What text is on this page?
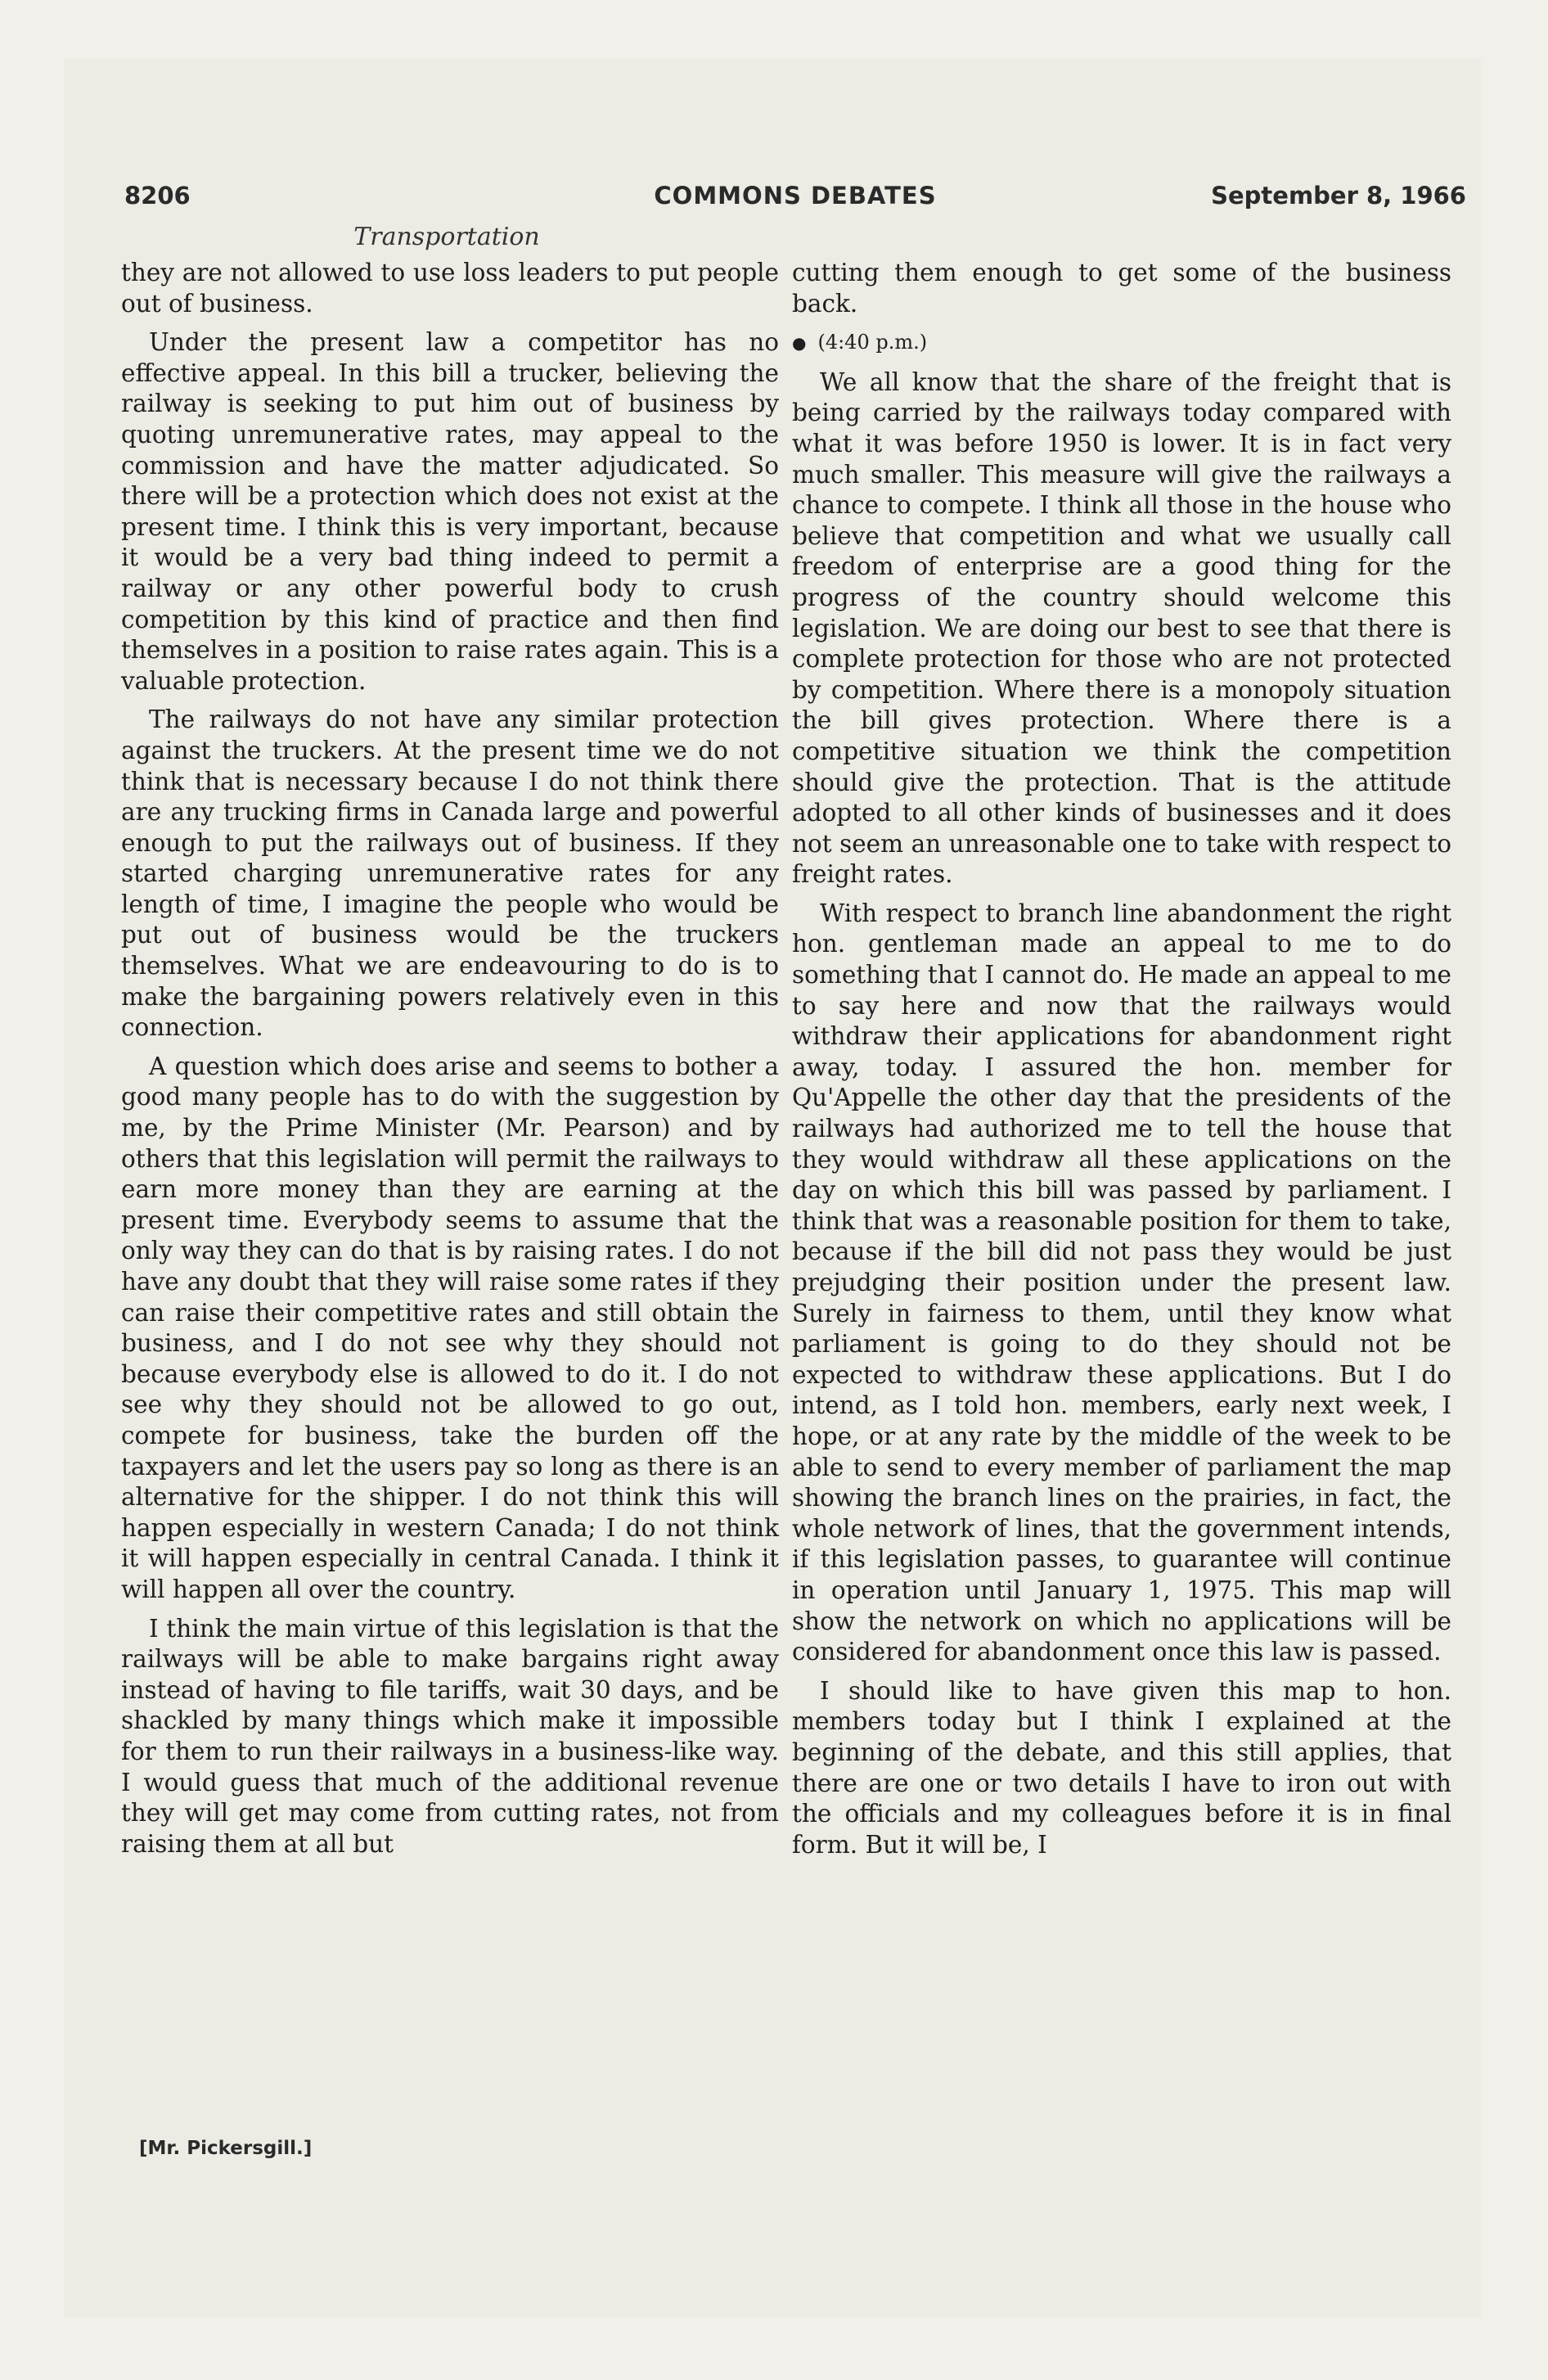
8206	COMMONS DEBATES	September 8, 1966
Transportation

they are not allowed to use loss leaders to put people out of business.

Under the present law a competitor has no effective appeal. In this bill a trucker, believing the railway is seeking to put him out of business by quoting unremunerative rates, may appeal to the commission and have the matter adjudicated. So there will be a protection which does not exist at the present time. I think this is very important, because it would be a very bad thing indeed to permit a railway or any other powerful body to crush competition by this kind of practice and then find themselves in a position to raise rates again. This is a valuable protection.

The railways do not have any similar protection against the truckers. At the present time we do not think that is necessary because I do not think there are any trucking firms in Canada large and powerful enough to put the railways out of business. If they started charging unremunerative rates for any length of time, I imagine the people who would be put out of business would be the truckers themselves. What we are endeavouring to do is to make the bargaining powers relatively even in this connection.

A question which does arise and seems to bother a good many people has to do with the suggestion by me, by the Prime Minister (Mr. Pearson) and by others that this legislation will permit the railways to earn more money than they are earning at the present time. Everybody seems to assume that the only way they can do that is by raising rates. I do not have any doubt that they will raise some rates if they can raise their competitive rates and still obtain the business, and I do not see why they should not because everybody else is allowed to do it. I do not see why they should not be allowed to go out, compete for business, take the burden off the taxpayers and let the users pay so long as there is an alternative for the shipper. I do not think this will happen especially in western Canada; I do not think it will happen especially in central Canada. I think it will happen all over the country.

I think the main virtue of this legislation is that the railways will be able to make bargains right away instead of having to file tariffs, wait 30 days, and be shackled by many things which make it impossible for them to run their railways in a business-like way. I would guess that much of the additional revenue they will get may come from cutting rates, not from raising them at all but

[Mr. Pickersgill.]

cutting them enough to get some of the business back.

● (4:40 p.m.)

We all know that the share of the freight that is being carried by the railways today compared with what it was before 1950 is lower. It is in fact very much smaller. This measure will give the railways a chance to compete. I think all those in the house who believe that competition and what we usually call freedom of enterprise are a good thing for the progress of the country should welcome this legislation. We are doing our best to see that there is complete protection for those who are not protected by competition. Where there is a monopoly situation the bill gives protection. Where there is a competitive situation we think the competition should give the protection. That is the attitude adopted to all other kinds of businesses and it does not seem an unreasonable one to take with respect to freight rates.

With respect to branch line abandonment the right hon. gentleman made an appeal to me to do something that I cannot do. He made an appeal to me to say here and now that the railways would withdraw their applications for abandonment right away, today. I assured the hon. member for Qu'Appelle the other day that the presidents of the railways had authorized me to tell the house that they would withdraw all these applications on the day on which this bill was passed by parliament. I think that was a reasonable position for them to take, because if the bill did not pass they would be just prejudging their position under the present law. Surely in fairness to them, until they know what parliament is going to do they should not be expected to withdraw these applications. But I do intend, as I told hon. members, early next week, I hope, or at any rate by the middle of the week to be able to send to every member of parliament the map showing the branch lines on the prairies, in fact, the whole network of lines, that the government intends, if this legislation passes, to guarantee will continue in operation until January 1, 1975. This map will show the network on which no applications will be considered for abandonment once this law is passed.

I should like to have given this map to hon. members today but I think I explained at the beginning of the debate, and this still applies, that there are one or two details I have to iron out with the officials and my colleagues before it is in final form. But it will be, I
